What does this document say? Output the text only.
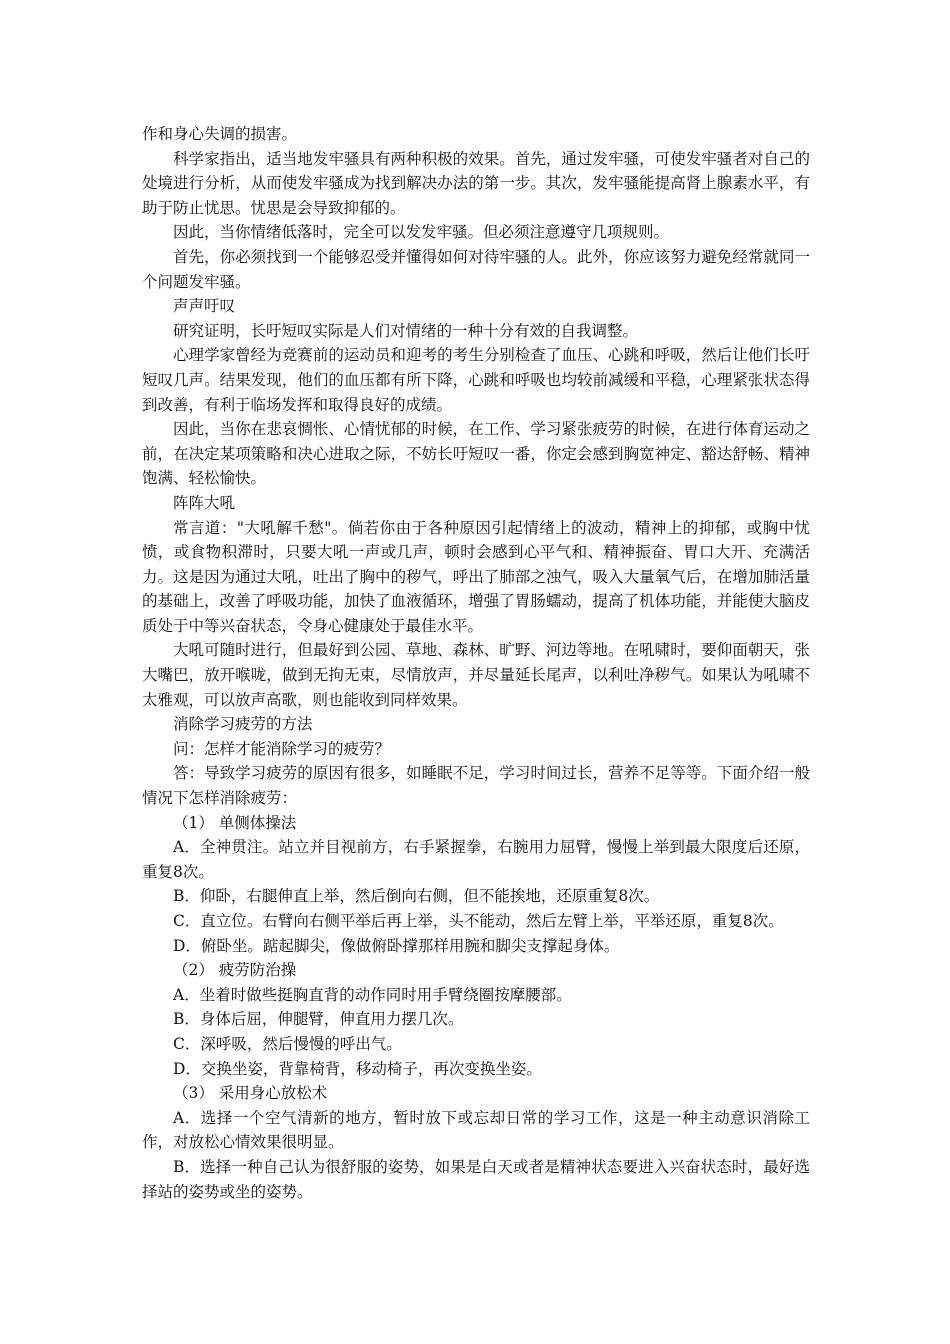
作和身心失调的损害。

科学家指出，适当地发牢骚具有两种积极的效果。首先，通过发牢骚，可使发牢骚者对自己的处境进行分析，从而使发牢骚成为找到解决办法的第一步。其次，发牢骚能提高肾上腺素水平，有助于防止忧思。忧思是会导致抑郁的。

因此，当你情绪低落时，完全可以发发牢骚。但必须注意遵守几项规则。

首先，你必须找到一个能够忍受并懂得如何对待牢骚的人。此外，你应该努力避免经常就同一个问题发牢骚。

声声吁叹

研究证明，长吁短叹实际是人们对情绪的一种十分有效的自我调整。

心理学家曾经为竞赛前的运动员和迎考的考生分别检查了血压、心跳和呼吸，然后让他们长吁短叹几声。结果发现，他们的血压都有所下降，心跳和呼吸也均较前减缓和平稳，心理紧张状态得到改善，有利于临场发挥和取得良好的成绩。

因此，当你在悲哀惆怅、心情忧郁的时候，在工作、学习紧张疲劳的时候，在进行体育运动之前，在决定某项策略和决心进取之际，不妨长吁短叹一番，你定会感到胸宽神定、豁达舒畅、精神饱满、轻松愉快。

阵阵大吼

常言道："大吼解千愁"。倘若你由于各种原因引起情绪上的波动，精神上的抑郁，或胸中忧愤，或食物积滞时，只要大吼一声或几声，顿时会感到心平气和、精神振奋、胃口大开、充满活力。这是因为通过大吼，吐出了胸中的秽气，呼出了肺部之浊气，吸入大量氧气后，在增加肺活量的基础上，改善了呼吸功能，加快了血液循环，增强了胃肠蠕动，提高了机体功能，并能使大脑皮质处于中等兴奋状态，令身心健康处于最佳水平。

大吼可随时进行，但最好到公园、草地、森林、旷野、河边等地。在吼啸时，要仰面朝天，张大嘴巴，放开喉咙，做到无拘无束，尽情放声，并尽量延长尾声，以利吐净秽气。如果认为吼啸不太雅观，可以放声高歌，则也能收到同样效果。

消除学习疲劳的方法

问：怎样才能消除学习的疲劳？

答：导致学习疲劳的原因有很多，如睡眠不足，学习时间过长，营养不足等等。下面介绍一般情况下怎样消除疲劳：

（1） 单侧体操法

A．全神贯注。站立并目视前方，右手紧握拳，右腕用力屈臂，慢慢上举到最大限度后还原，重复8次。

B．仰卧，右腿伸直上举，然后倒向右侧，但不能挨地，还原重复8次。

C．直立位。右臂向右侧平举后再上举，头不能动，然后左臂上举，平举还原，重复8次。

D．俯卧坐。踮起脚尖，像做俯卧撑那样用腕和脚尖支撑起身体。

（2） 疲劳防治操

A．坐着时做些挺胸直背的动作同时用手臂绕圈按摩腰部。

B．身体后屈，伸腿臂，伸直用力摆几次。

C．深呼吸，然后慢慢的呼出气。

D．交换坐姿，背靠椅背，移动椅子，再次变换坐姿。

（3） 采用身心放松术

A．选择一个空气清新的地方，暂时放下或忘却日常的学习工作，这是一种主动意识消除工作，对放松心情效果很明显。

B．选择一种自己认为很舒服的姿势，如果是白天或者是精神状态要进入兴奋状态时，最好选择站的姿势或坐的姿势。
